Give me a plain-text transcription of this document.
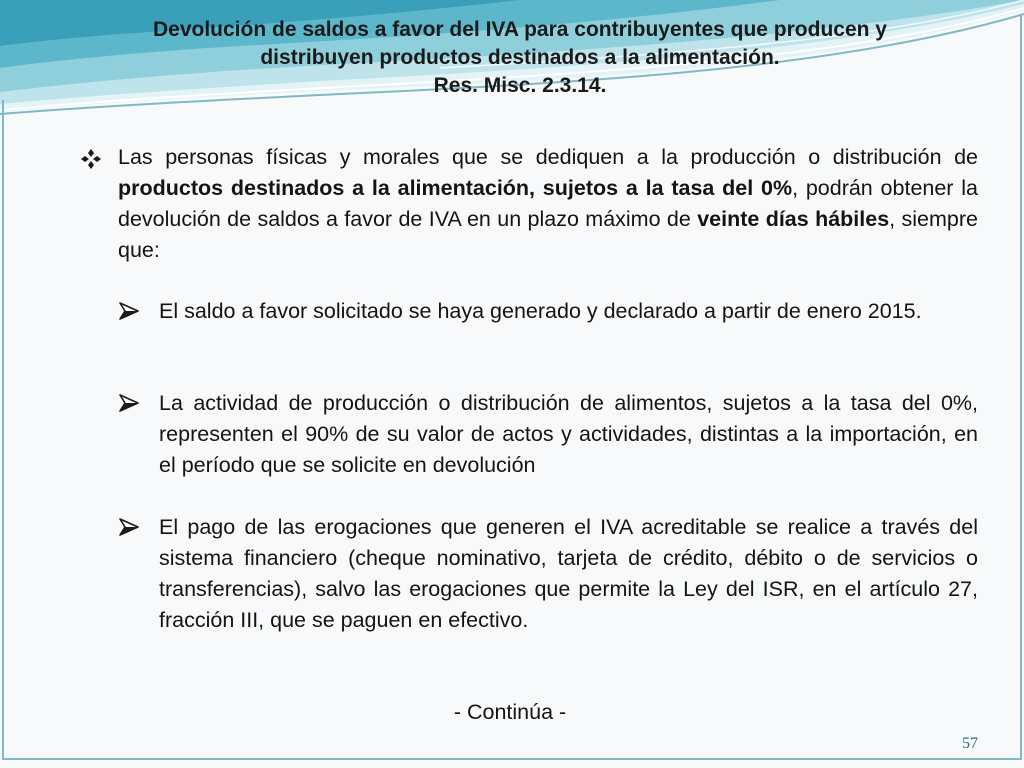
Devolución de saldos a favor del IVA para contribuyentes que producen y
distribuyen productos destinados a la alimentación.
Res. Misc. 2.3.14.
Las personas físicas y morales que se dediquen a la producción o distribución de productos destinados a la alimentación, sujetos a la tasa del 0%, podrán obtener la devolución de saldos a favor de IVA en un plazo máximo de veinte días hábiles, siempre que:
El saldo a favor solicitado se haya generado y declarado a partir de enero 2015.
La actividad de producción o distribución de alimentos, sujetos a la tasa del 0%, representen el 90% de su valor de actos y actividades, distintas a la importación, en el período que se solicite en devolución
El pago de las erogaciones que generen el IVA acreditable se realice a través del sistema financiero (cheque nominativo, tarjeta de crédito, débito o de servicios o transferencias), salvo las erogaciones que permite la Ley del ISR, en el artículo 27, fracción III, que se paguen en efectivo.
- Continúa -
57
